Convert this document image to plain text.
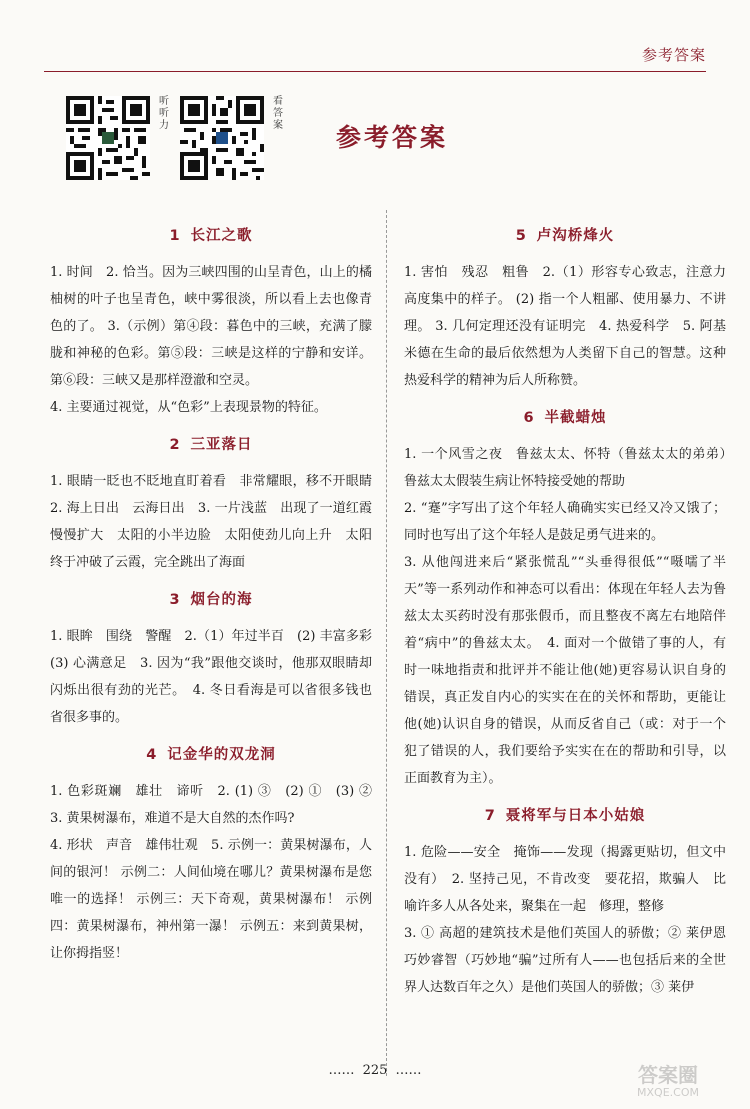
参考答案
听
听
力
看
答
案 参考答案
1 长江之歌

1. 时间　2. 恰当。因为三峡四围的山呈青色，山上的橘柚树的叶子也呈青色，峡中雾很淡，所以看上去也像青色的了。 3.（示例）第④段：暮色中的三峡，充满了朦胧和神秘的色彩。第⑤段：三峡是这样的宁静和安详。第⑥段：三峡又是那样澄澈和空灵。

4. 主要通过视觉，从“色彩”上表现景物的特征。

2 三亚落日

1. 眼睛一眨也不眨地直盯着看　非常耀眼，移不开眼睛　2. 海上日出　云海日出　3. 一片浅蓝　出现了一道红霞　慢慢扩大　太阳的小半边脸　太阳使劲儿向上升　太阳终于冲破了云霞，完全跳出了海面

3 烟台的海

1. 眼眸　围绕　警醒　2.（1）年过半百　(2) 丰富多彩　(3) 心满意足　3. 因为“我”跟他交谈时，他那双眼睛却闪烁出很有劲的光芒。　4. 冬日看海是可以省很多钱也省很多事的。

4 记金华的双龙洞

1. 色彩斑斓　雄壮　谛听　2. (1) ③　(2) ①　(3) ②　3. 黄果树瀑布，难道不是大自然的杰作吗?

4. 形状　声音　雄伟壮观　5. 示例一：黄果树瀑布，人间的银河！ 示例二：人间仙境在哪儿？黄果树瀑布是您唯一的选择！ 示例三：天下奇观，黄果树瀑布！ 示例四：黄果树瀑布，神州第一瀑！ 示例五：来到黄果树，让你拇指竖！

5 卢沟桥烽火

1. 害怕　残忍　粗鲁　2.（1）形容专心致志，注意力高度集中的样子。 (2) 指一个人粗鄙、使用暴力、不讲理。 3. 几何定理还没有证明完　4. 热爱科学　5. 阿基米德在生命的最后依然想为人类留下自己的智慧。这种热爱科学的精神为后人所称赞。

6 半截蜡烛

1. 一个风雪之夜　鲁兹太太、怀特（鲁兹太太的弟弟）　鲁兹太太假装生病让怀特接受她的帮助

2. “蹇”字写出了这个年轻人确确实实已经又冷又饿了；同时也写出了这个年轻人是鼓足勇气进来的。

3. 从他闯进来后“紧张慌乱”“头垂得很低”“嗫嚅了半天”等一系列动作和神态可以看出：体现在年轻人去为鲁兹太太买药时没有那张假币，而且整夜不离左右地陪伴着“病中”的鲁兹太太。　4. 面对一个做错了事的人，有时一味地指责和批评并不能让他(她)更容易认识自身的错误，真正发自内心的实实在在的关怀和帮助，更能让他(她)认识自身的错误，从而反省自己（或：对于一个犯了错误的人，我们要给予实实在在的帮助和引导，以正面教育为主）。

7 聂将军与日本小姑娘

1. 危险——安全　掩饰——发现（揭露更贴切，但文中没有）　2. 坚持己见，不肯改变　要花招，欺骗人　比喻许多人从各处来，聚集在一起　修理，整修

3. ① 高超的建筑技术是他们英国人的骄傲；② 莱伊恩巧妙睿智（巧妙地“骗”过所有人——也包括后来的全世界人达数百年之久）是他们英国人的骄傲；③ 莱伊

…… 225 ……	答案圈
MXQE.COM
